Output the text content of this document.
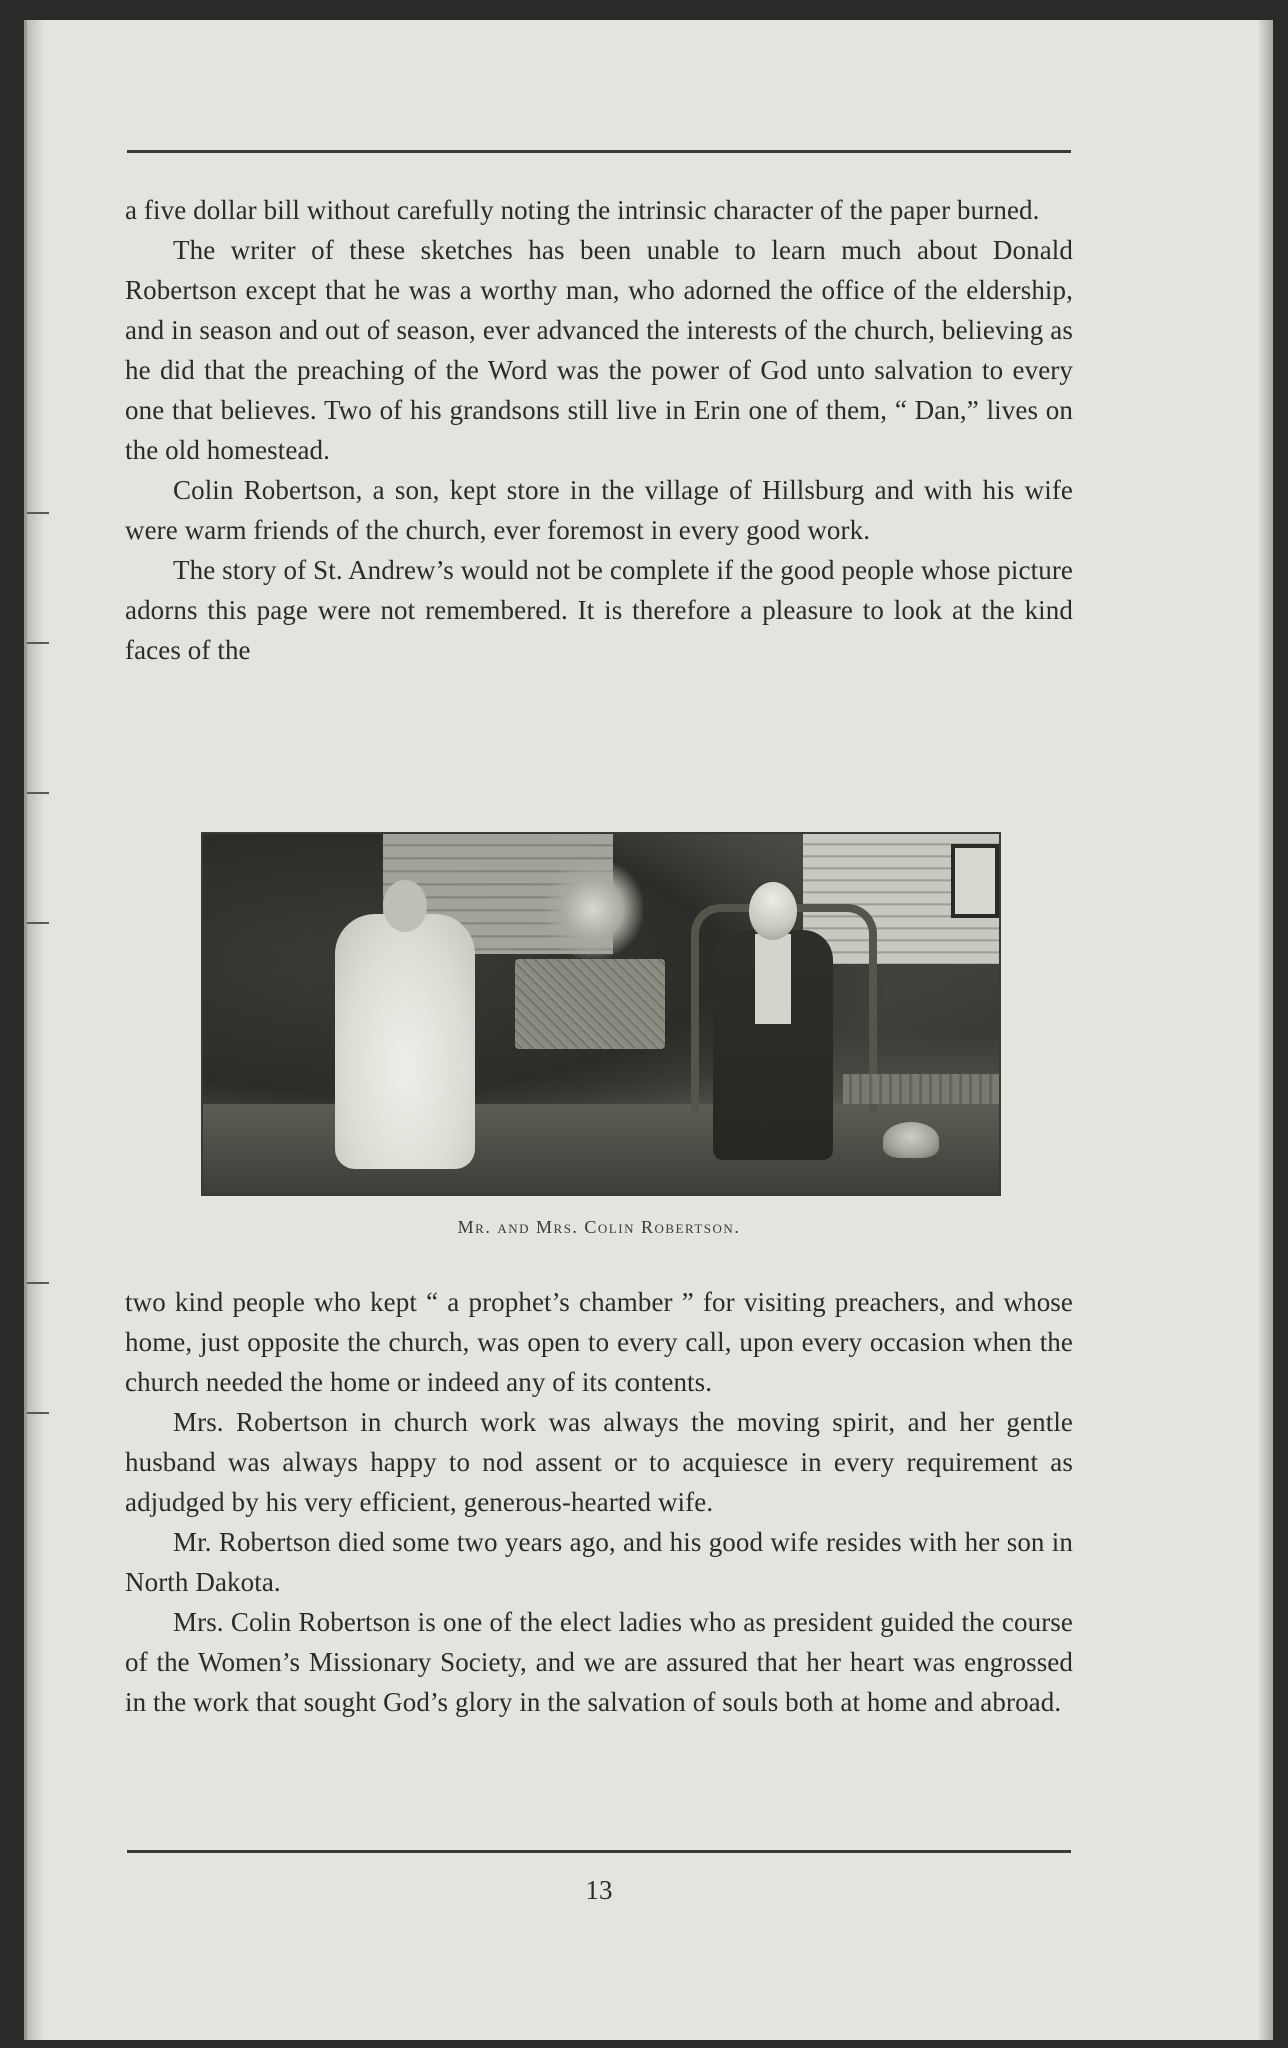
a five dollar bill without carefully noting the intrinsic character of the paper burned.

The writer of these sketches has been unable to learn much about Donald Robertson except that he was a worthy man, who adorned the office of the eldership, and in season and out of season, ever advanced the interests of the church, believing as he did that the preaching of the Word was the power of God unto salvation to every one that believes. Two of his grandsons still live in Erin one of them, “ Dan,” lives on the old homestead.

Colin Robertson, a son, kept store in the village of Hillsburg and with his wife were warm friends of the church, ever foremost in every good work.

The story of St. Andrew’s would not be complete if the good people whose picture adorns this page were not remembered. It is therefore a pleasure to look at the kind faces of the

Mr. and Mrs. Colin Robertson.

two kind people who kept “ a prophet’s chamber ” for visiting preachers, and whose home, just opposite the church, was open to every call, upon every occasion when the church needed the home or indeed any of its contents.

Mrs. Robertson in church work was always the moving spirit, and her gentle husband was always happy to nod assent or to acquiesce in every requirement as adjudged by his very efficient, generous-hearted wife.

Mr. Robertson died some two years ago, and his good wife resides with her son in North Dakota.

Mrs. Colin Robertson is one of the elect ladies who as president guided the course of the Women’s Missionary Society, and we are assured that her heart was engrossed in the work that sought God’s glory in the salvation of souls both at home and abroad.

13
